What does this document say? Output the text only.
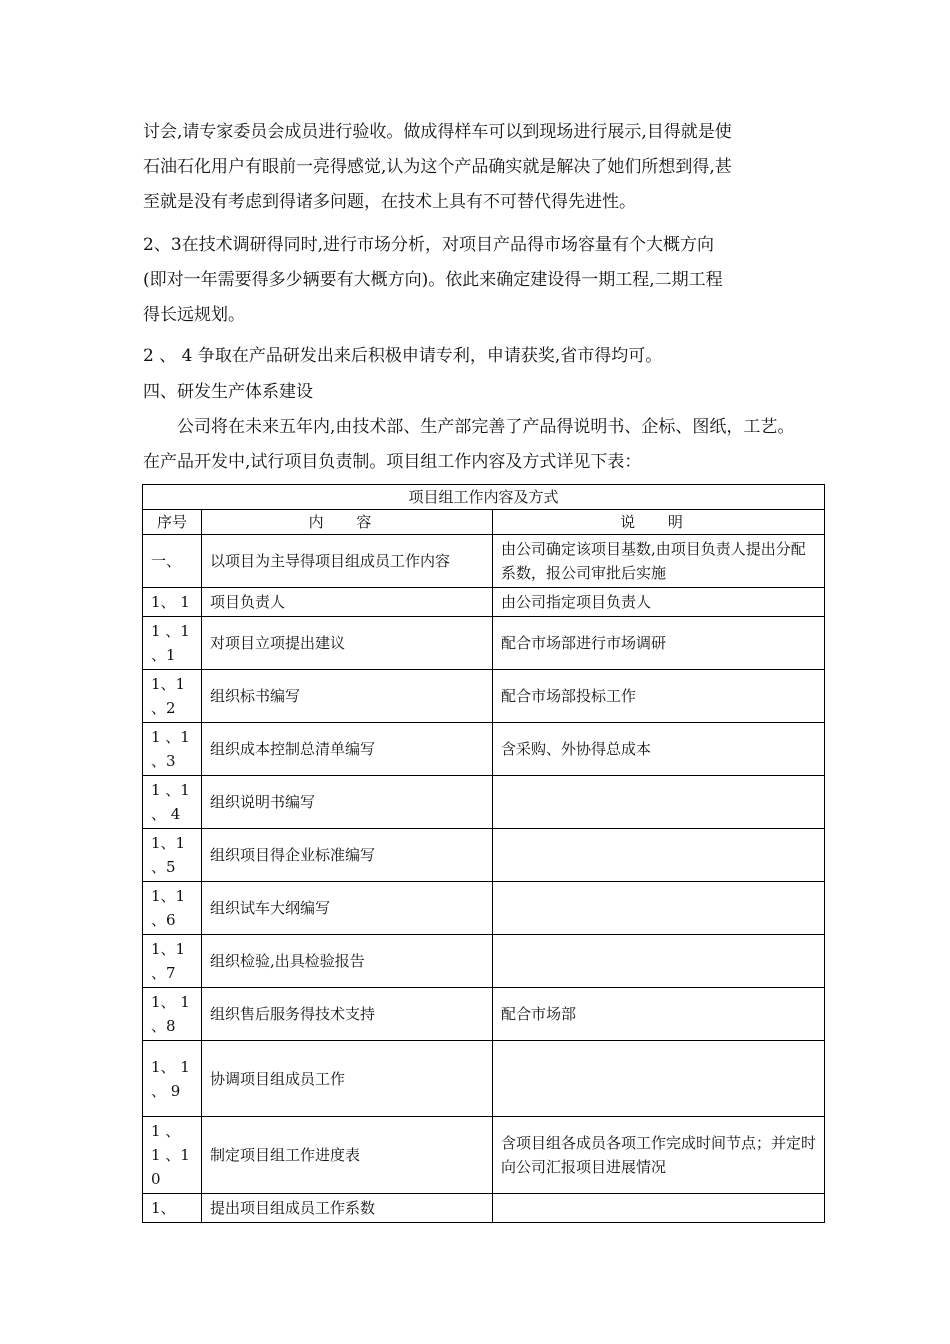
讨会,请专家委员会成员进行验收。做成得样车可以到现场进行展示,目得就是使
石油石化用户有眼前一亮得感觉,认为这个产品确实就是解决了她们所想到得,甚
至就是没有考虑到得诸多问题，在技术上具有不可替代得先进性。
2、3在技术调研得同时,进行市场分析，对项目产品得市场容量有个大概方向
(即对一年需要得多少辆要有大概方向)。依此来确定建设得一期工程,二期工程
得长远规划。
2 、 4 争取在产品研发出来后积极申请专利，申请获奖,省市得均可。
四、研发生产体系建设
公司将在未来五年内,由技术部、生产部完善了产品得说明书、企标、图纸，工艺。
在产品开发中,试行项目负责制。项目组工作内容及方式详见下表：
项目组工作内容及方式		
序号	内 容	说 明
一、	以项目为主导得项目组成员工作内容	由公司确定该项目基数,由项目负责人提出分配系数，报公司审批后实施
1、 1	项目负责人	由公司指定项目负责人
1 、1 、1	对项目立项提出建议	配合市场部进行市场调研
1、1 、2	组织标书编写	配合市场部投标工作
1 、1 、3	组织成本控制总清单编写	含采购、外协得总成本
1 、1 、 4	组织说明书编写	
1、1 、5	组织项目得企业标准编写	
1、1 、6	组织试车大纲编写	
1、1 、7	组织检验,出具检验报告	
1、 1 、8	组织售后服务得技术支持	配合市场部
1、 1 、 9	协调项目组成员工作	
1 、 1 、1 0	制定项目组工作进度表	含项目组各成员各项工作完成时间节点；并定时向公司汇报项目进展情况
1、	提出项目组成员工作系数	
